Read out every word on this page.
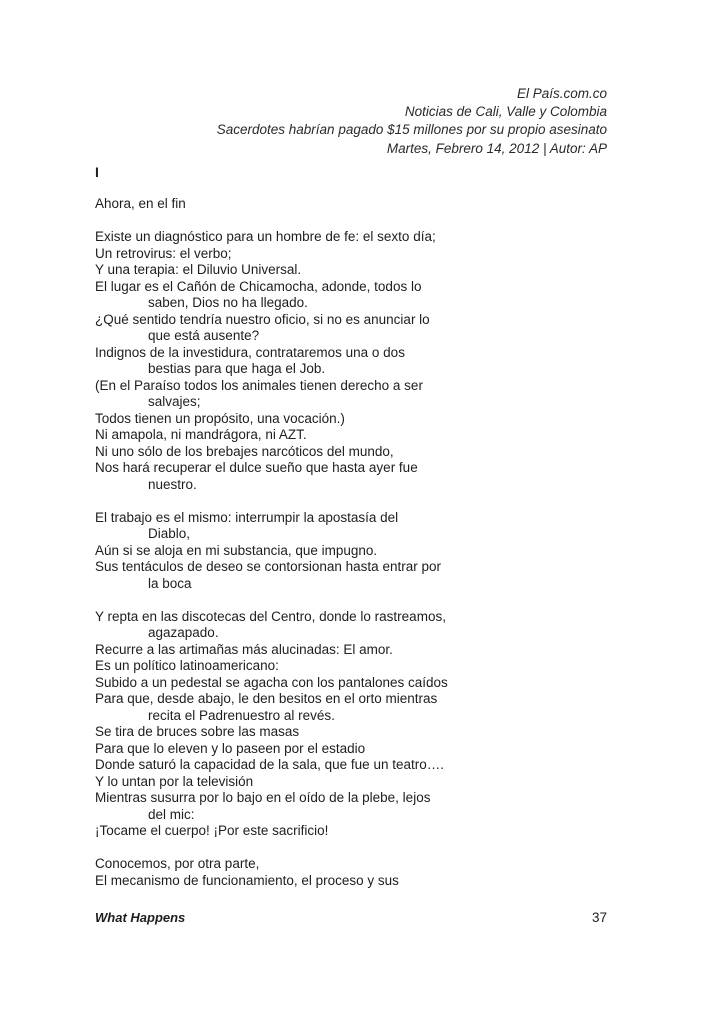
El País.com.co
Noticias de Cali, Valle y Colombia
Sacerdotes habrían pagado $15 millones por su propio asesinato
Martes, Febrero 14, 2012 | Autor: AP
I
Ahora, en el fin
Existe un diagnóstico para un hombre de fe: el sexto día;
Un retrovirus: el verbo;
Y una terapia: el Diluvio Universal.
El lugar es el Cañón de Chicamocha, adonde, todos lo
saben, Dios no ha llegado.
¿Qué sentido tendría nuestro oficio, si no es anunciar lo
que está ausente?
Indignos de la investidura, contrataremos una o dos
bestias para que haga el Job.
(En el Paraíso todos los animales tienen derecho a ser
salvajes;
Todos tienen un propósito, una vocación.)
Ni amapola, ni mandrágora, ni AZT.
Ni uno sólo de los brebajes narcóticos del mundo,
Nos hará recuperar el dulce sueño que hasta ayer fue
nuestro.
El trabajo es el mismo: interrumpir la apostasía del
Diablo,
Aún si se aloja en mi substancia, que impugno.
Sus tentáculos de deseo se contorsionan hasta entrar por
la boca
Y repta en las discotecas del Centro, donde lo rastreamos,
agazapado.
Recurre a las artimañas más alucinadas: El amor.
Es un político latinoamericano:
Subido a un pedestal se agacha con los pantalones caídos
Para que, desde abajo, le den besitos en el orto mientras
recita el Padrenuestro al revés.
Se tira de bruces sobre las masas
Para que lo eleven y lo paseen por el estadio
Donde saturó la capacidad de la sala, que fue un teatro….
Y lo untan por la televisión
Mientras susurra por lo bajo en el oído de la plebe, lejos
del mic:
¡Tocame el cuerpo! ¡Por este sacrificio!
Conocemos, por otra parte,
El mecanismo de funcionamiento, el proceso y sus
What Happens	37
